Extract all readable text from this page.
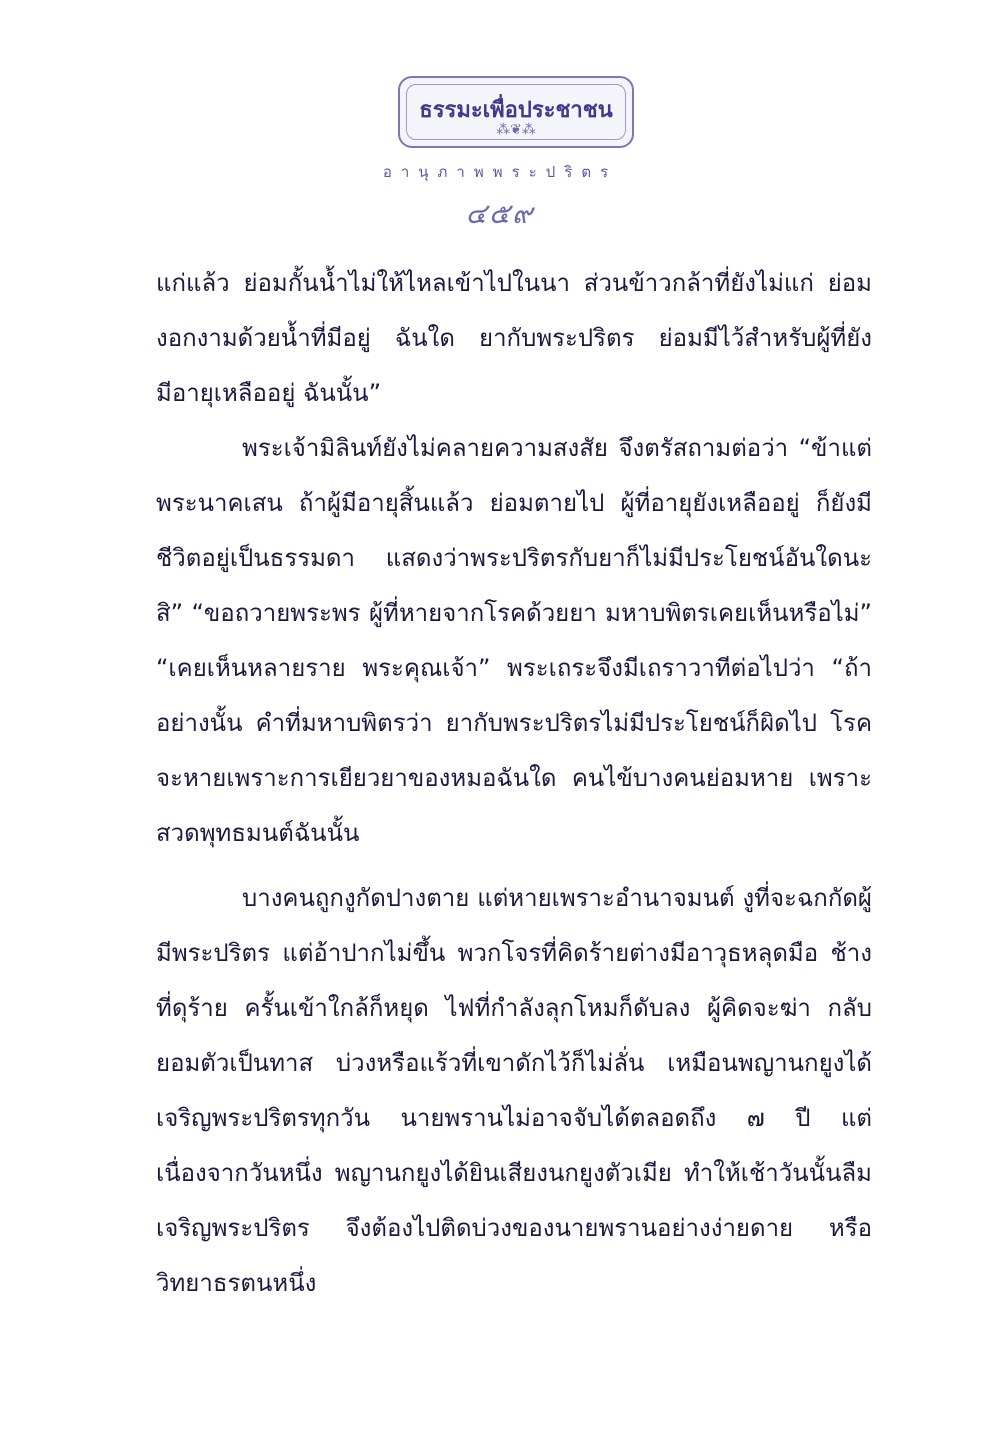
ธรรมะเพื่อประชาชน
⁂❦⁂
อานุภาพพระปริตร
๔๕๙

แก่แล้ว ย่อมกั้นน้ำไม่ให้ไหลเข้าไปในนา ส่วนข้าวกล้าที่ยังไม่แก่ ย่อมงอกงามด้วยน้ำที่มีอยู่ ฉันใด ยากับพระปริตร ย่อมมีไว้สำหรับผู้ที่ยังมีอายุเหลืออยู่ ฉันนั้น”

พระเจ้ามิลินท์ยังไม่คลายความสงสัย จึงตรัสถามต่อว่า “ข้าแต่พระนาคเสน ถ้าผู้มีอายุสิ้นแล้ว ย่อมตายไป ผู้ที่อายุยังเหลืออยู่ ก็ยังมีชีวิตอยู่เป็นธรรมดา แสดงว่าพระปริตรกับยาก็ไม่มีประโยชน์อันใดนะสิ” “ขอถวายพระพร ผู้ที่หายจากโรคด้วยยา มหาบพิตรเคยเห็นหรือไม่” “เคยเห็นหลายราย พระคุณเจ้า” พระเถระจึงมีเถราวาทีต่อไปว่า “ถ้าอย่างนั้น คำที่มหาบพิตรว่า ยากับพระปริตรไม่มีประโยชน์ก็ผิดไป โรคจะหายเพราะการเยียวยาของหมอฉันใด คนไข้บางคนย่อมหาย เพราะสวดพุทธมนต์ฉันนั้น

บางคนถูกงูกัดปางตาย แต่หายเพราะอำนาจมนต์ งูที่จะฉกกัดผู้มีพระปริตร แต่อ้าปากไม่ขึ้น พวกโจรที่คิดร้ายต่างมีอาวุธหลุดมือ ช้างที่ดุร้าย ครั้นเข้าใกล้ก็หยุด ไฟที่กำลังลุกโหมก็ดับลง ผู้คิดจะฆ่า กลับยอมตัวเป็นทาส บ่วงหรือแร้วที่เขาดักไว้ก็ไม่ลั่น เหมือนพญานกยูงได้เจริญพระปริตรทุกวัน นายพรานไม่อาจจับได้ตลอดถึง ๗ ปี แต่เนื่องจากวันหนึ่ง พญานกยูงได้ยินเสียงนกยูงตัวเมีย ทำให้เช้าวันนั้นลืมเจริญพระปริตร จึงต้องไปติดบ่วงของนายพรานอย่างง่ายดาย หรือวิทยาธรตนหนึ่ง
